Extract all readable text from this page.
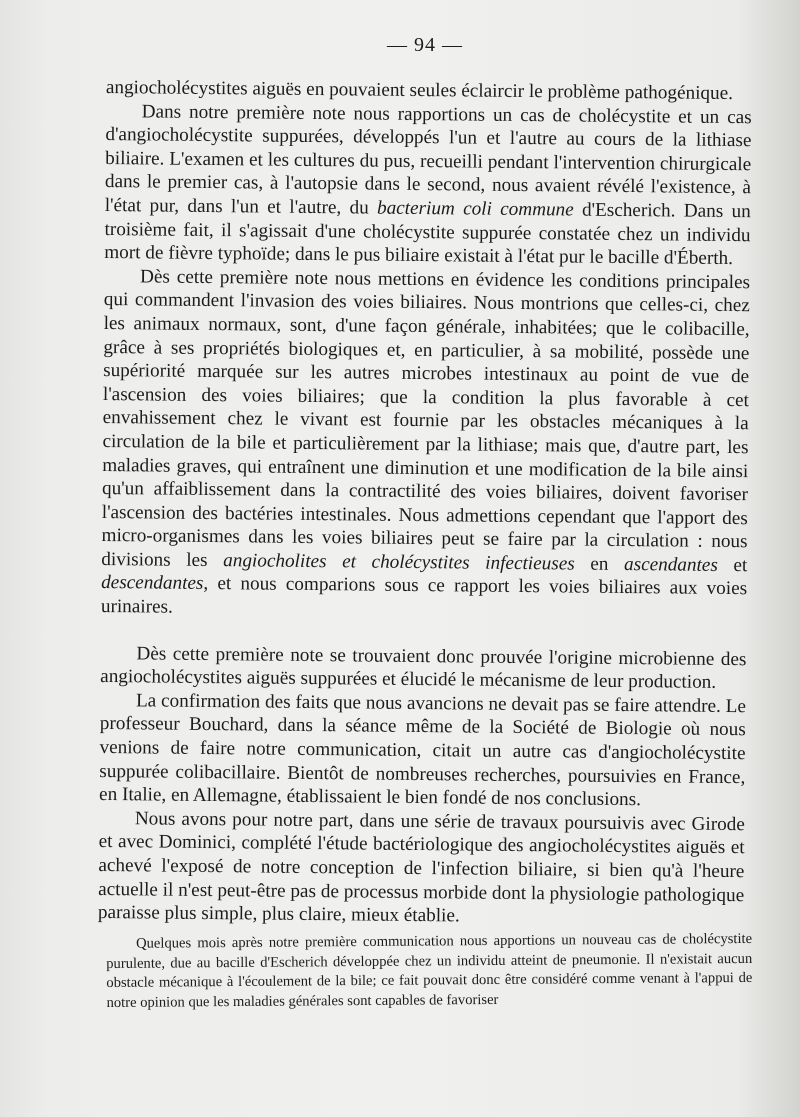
— 94 —

angiocholécystites aiguës en pouvaient seules éclaircir le problème pathogénique.

Dans notre première note nous rapportions un cas de cholécystite et un cas d'angiocholécystite suppurées, développés l'un et l'autre au cours de la lithiase biliaire. L'examen et les cultures du pus, recueilli pendant l'intervention chirurgicale dans le premier cas, à l'autopsie dans le second, nous avaient révélé l'existence, à l'état pur, dans l'un et l'autre, du bacterium coli commune d'Escherich. Dans un troisième fait, il s'agissait d'une cholécystite suppurée constatée chez un individu mort de fièvre typhoïde; dans le pus biliaire existait à l'état pur le bacille d'Éberth.

Dès cette première note nous mettions en évidence les conditions principales qui commandent l'invasion des voies biliaires. Nous montrions que celles-ci, chez les animaux normaux, sont, d'une façon générale, inhabitées; que le colibacille, grâce à ses propriétés biologiques et, en particulier, à sa mobilité, possède une supériorité marquée sur les autres microbes intestinaux au point de vue de l'ascension des voies biliaires; que la condition la plus favorable à cet envahissement chez le vivant est fournie par les obstacles mécaniques à la circulation de la bile et particulièrement par la lithiase; mais que, d'autre part, les maladies graves, qui entraînent une diminution et une modification de la bile ainsi qu'un affaiblissement dans la contractilité des voies biliaires, doivent favoriser l'ascension des bactéries intestinales. Nous admettions cependant que l'apport des micro-organismes dans les voies biliaires peut se faire par la circulation : nous divisions les angiocholites et cholécystites infectieuses en ascendantes et descendantes, et nous comparions sous ce rapport les voies biliaires aux voies urinaires.

Dès cette première note se trouvaient donc prouvée l'origine microbienne des angiocholécystites aiguës suppurées et élucidé le mécanisme de leur production.

La confirmation des faits que nous avancions ne devait pas se faire attendre. Le professeur Bouchard, dans la séance même de la Société de Biologie où nous venions de faire notre communication, citait un autre cas d'angiocholécystite suppurée colibacillaire. Bientôt de nombreuses recherches, poursuivies en France, en Italie, en Allemagne, établissaient le bien fondé de nos conclusions.

Nous avons pour notre part, dans une série de travaux poursuivis avec Girode et avec Dominici, complété l'étude bactériologique des angiocholécystites aiguës et achevé l'exposé de notre conception de l'infection biliaire, si bien qu'à l'heure actuelle il n'est peut-être pas de processus morbide dont la physiologie pathologique paraisse plus simple, plus claire, mieux établie.

Quelques mois après notre première communication nous apportions un nouveau cas de cholécystite purulente, due au bacille d'Escherich développée chez un individu atteint de pneumonie. Il n'existait aucun obstacle mécanique à l'écoulement de la bile; ce fait pouvait donc être considéré comme venant à l'appui de notre opinion que les maladies générales sont capables de favoriser
